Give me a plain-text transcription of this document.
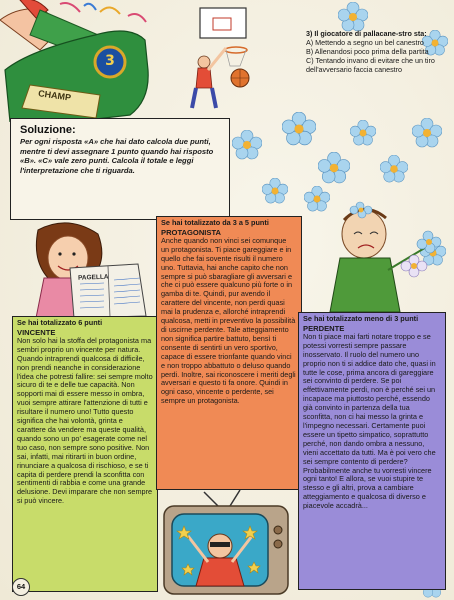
3
CHAMP

3) Il giocatore di pallacane-stro sta:

A) Mettendo a segno un bel canestro

B) Allenandosi poco prima della partita

C) Tentando invano di evitare che un tiro dell'avversario faccia canestro

Soluzione:
Per ogni risposta «A» che hai dato calcola due punti, mentre ti devi assegnare 1 punto quando hai risposto «B». «C» vale zero punti. Calcola il totale e leggi l'interpretazione che ti riguarda.
PAGELLA
Se hai totalizzato 6 punti
VINCENTE

Non solo hai la stoffa del protagonista ma sembri proprio un vincente per natura. Quando intraprendi qualcosa di difficile, non prendi neanche in considerazione l'idea che potresti fallire: sei sempre molto sicuro di te e delle tue capacità. Non sopporti mai di essere messo in ombra, vuoi sempre attirare l'attenzione di tutti e risultare il numero uno! Tutto questo significa che hai volontà, grinta e carattere da vendere ma queste qualità, quando sono un po' esagerate come nel tuo caso, non sempre sono positive. Non sai, infatti, mai ritirarti in buon ordine, rinunciare a qualcosa di rischioso, e se ti capita di perdere prendi la sconfitta con sentimenti di rabbia e come una grande delusione. Devi imparare che non sempre si può vincere.

Se hai totalizzato da 3 a 5 punti
PROTAGONISTA

Anche quando non vinci sei comunque un protagonista. Ti piace gareggiare e in quello che fai sovente risulti il numero uno. Tuttavia, hai anche capito che non sempre si può sbaragliare gli avversari e che ci può essere qualcuno più forte o in gamba di te. Quindi, pur avendo il carattere del vincente, non perdi quasi mai la prudenza e, allorché intraprendi qualcosa, metti in preventivo la possibilità di uscirne perdente. Tale atteggiamento non significa partire battuto, bensì ti consente di sentirti un vero sportivo, capace di essere trionfante quando vinci e non troppo abbattuto o deluso quando perdi. Inoltre, sai riconoscere i meriti degli avversari e questo ti fa onore. Quindi in ogni caso, vincente o perdente, sei sempre un protagonista.

Se hai totalizzato meno di 3 punti
PERDENTE

Non ti piace mai farti notare troppo e se potessi vorresti sempre passare inosservato. Il ruolo del numero uno proprio non ti si addice dato che, quasi in tutte le cose, prima ancora di gareggiare sei convinto di perdere. Se poi effettivamente perdi, non è perché sei un incapace ma piuttosto perché, essendo già convinto in partenza della tua sconfitta, non ci hai messo la grinta e l'impegno necessari. Certamente puoi essere un tipetto simpatico, soprattutto perché, non dando ombra a nessuno, vieni accettato da tutti. Ma è poi vero che sei sempre contento di perdere? Probabilmente anche tu vorresti vincere ogni tanto! E allora, se vuoi stupire te stesso e gli altri, prova a cambiare atteggiamento e qualcosa di diverso e piacevole accadrà...

64
